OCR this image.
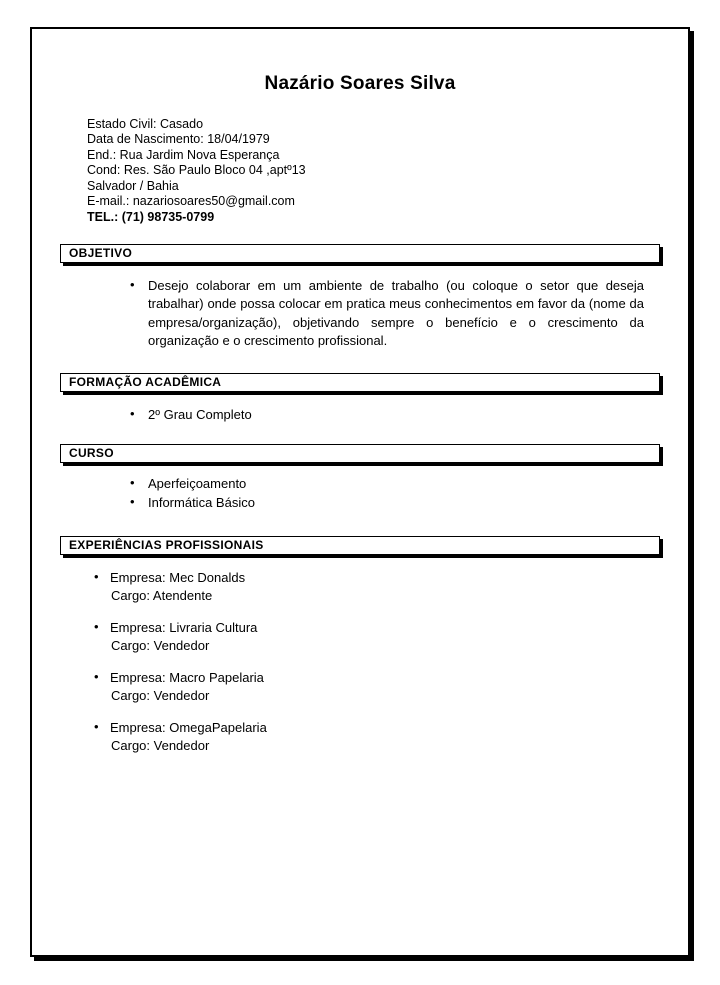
Nazário Soares Silva
Estado Civil: Casado
Data de Nascimento: 18/04/1979
End.: Rua Jardim Nova Esperança
Cond: Res. São Paulo Bloco 04 ,aptº13
Salvador / Bahia
E-mail.: nazariosoares50@gmail.com
TEL.: (71) 98735-0799
OBJETIVO
• Desejo colaborar em um ambiente de trabalho (ou coloque o setor que deseja trabalhar) onde possa colocar em pratica meus conhecimentos em favor da (nome da empresa/organização), objetivando sempre o benefício e o crescimento da organização e o crescimento profissional.
FORMAÇÃO ACADÊMICA
• 2º Grau Completo
CURSO
• Aperfeiçoamento
• Informática Básico
EXPERIÊNCIAS PROFISSIONAIS
• Empresa: Mec Donalds
Cargo: Atendente
• Empresa: Livraria Cultura
Cargo: Vendedor
• Empresa: Macro Papelaria
Cargo: Vendedor
• Empresa: OmegaPapelaria
Cargo: Vendedor
